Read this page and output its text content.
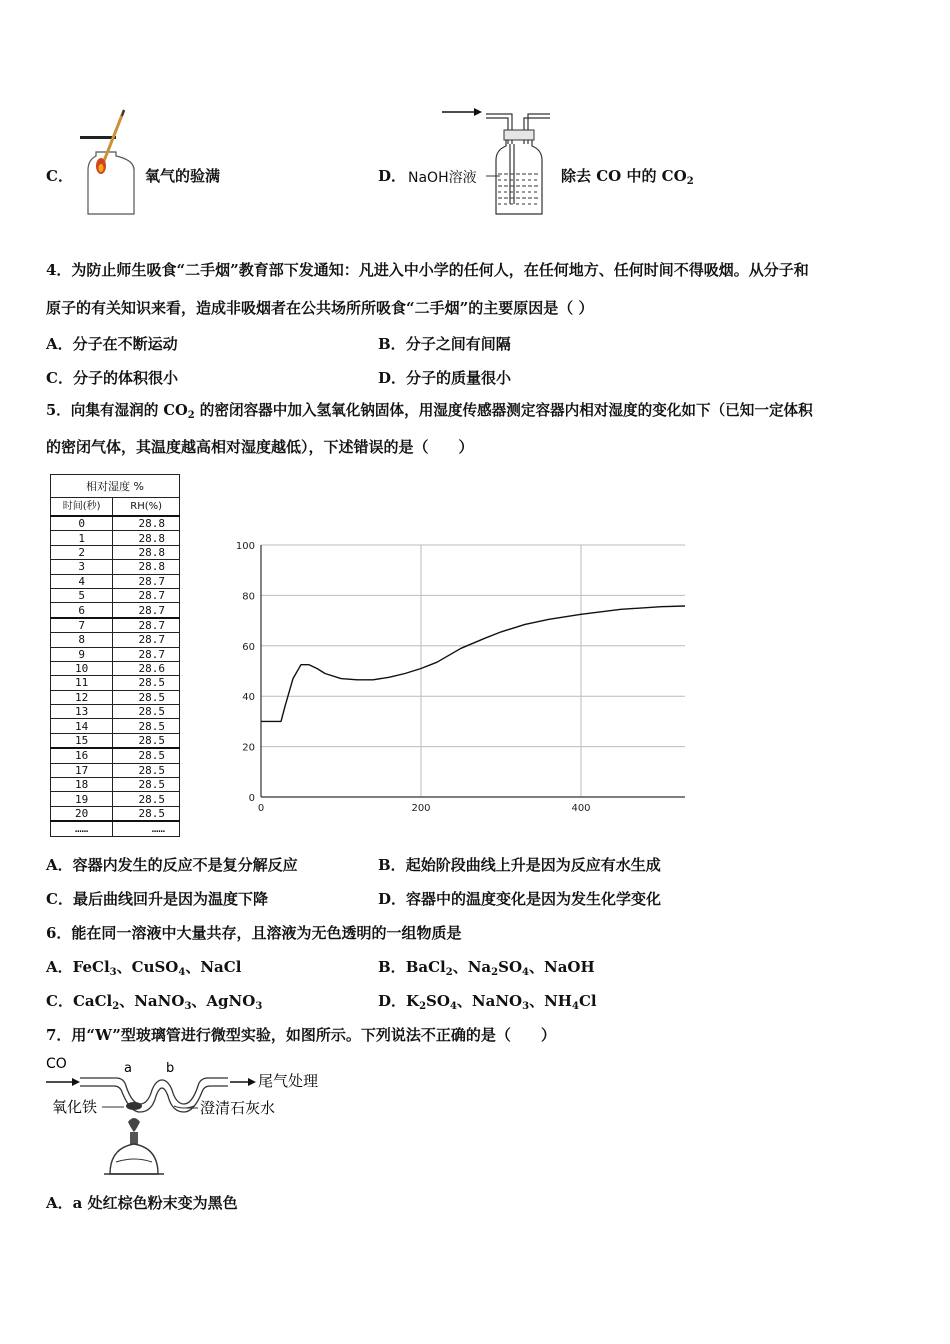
C．	氧气的验满	D． NaOH溶液	除去 CO 中的 $CO_2$
4．为防止师生吸食“二手烟”教育部下发通知：凡进入中小学的任何人，在任何地方、任何时间不得吸烟。从分子和
原子的有关知识来看，造成非吸烟者在公共场所所吸食“二手烟”的主要原因是（ ）
A．分子在不断运动	B．分子之间有间隔
C．分子的体积很小	D．分子的质量很小
5．向集有湿润的 $CO_2$ 的密闭容器中加入氢氧化钠固体，用湿度传感器测定容器内相对湿度的变化如下（已知一定体积
的密闭气体，其温度越高相对湿度越低），下述错误的是（　　）
相对湿度 %	
时间(秒)	RH(%)
0	28.8
1	28.8
2	28.8
3	28.8
4	28.7
5	28.7
6	28.7
7	28.7
8	28.7
9	28.7
10	28.6
11	28.5
12	28.5
13	28.5
14	28.5
15	28.5
16	28.5
17	28.5
18	28.5
19	28.5
20	28.5
……	……
0
20
40
60
80
100
0	200	400
A．容器内发生的反应不是复分解反应	B．起始阶段曲线上升是因为反应有水生成
C．最后曲线回升是因为温度下降	D．容器中的温度变化是因为发生化学变化
6．能在同一溶液中大量共存，且溶液为无色透明的一组物质是
A．FeCl$_3$、CuSO$_4$、NaCl	B．BaCl$_2$、$Na_2SO_4$、NaOH
C．CaCl$_2$、NaNO$_3$、AgNO$_3$	D．$K_2SO_4$、NaNO$_3$、$NH_4Cl$
7．用“W”型玻璃管进行微型实验，如图所示。下列说法不正确的是（　　）
CO	a	b
尾气处理
氧化铁	澄清石灰水
A．a 处红棕色粉末变为黑色
